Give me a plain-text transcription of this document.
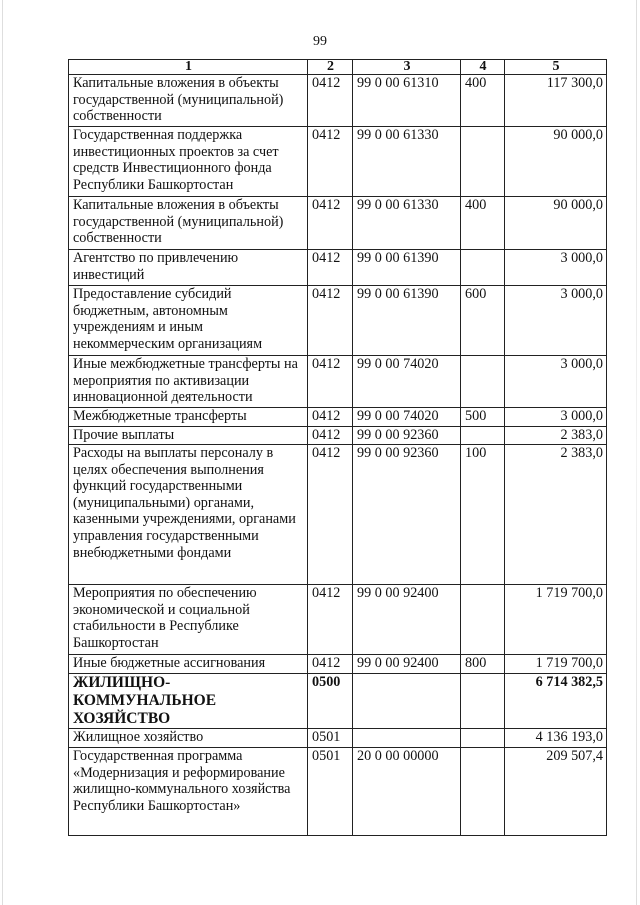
99
1	2	3	4	5
Капитальные вложения в объекты государственной (муниципальной) собственности	0412	99 0 00 61310	400	117 300,0
Государственная поддержка инвестиционных проектов за счет средств Инвестиционного фонда Республики Башкортостан	0412	99 0 00 61330		90 000,0
Капитальные вложения в объекты государственной (муниципальной) собственности	0412	99 0 00 61330	400	90 000,0
Агентство по привлечению инвестиций	0412	99 0 00 61390		3 000,0
Предоставление субсидий бюджетным, автономным учреждениям и иным некоммерческим организациям	0412	99 0 00 61390	600	3 000,0
Иные межбюджетные трансферты на мероприятия по активизации инновационной деятельности	0412	99 0 00 74020		3 000,0
Межбюджетные трансферты	0412	99 0 00 74020	500	3 000,0
Прочие выплаты	0412	99 0 00 92360		2 383,0
Расходы на выплаты персоналу в целях обеспечения выполнения функций государственными (муниципальными) органами, казенными учреждениями, органами управления государственными внебюджетными фондами	0412	99 0 00 92360	100	2 383,0
Мероприятия по обеспечению экономической и социальной стабильности в Республике Башкортостан	0412	99 0 00 92400		1 719 700,0
Иные бюджетные ассигнования	0412	99 0 00 92400	800	1 719 700,0
ЖИЛИЩНО-КОММУНАЛЬНОЕ ХОЗЯЙСТВО	0500			6 714 382,5
Жилищное хозяйство	0501			4 136 193,0
Государственная программа «Модернизация и реформирование жилищно-коммунального хозяйства Республики Башкортостан»	0501	20 0 00 00000		209 507,4
